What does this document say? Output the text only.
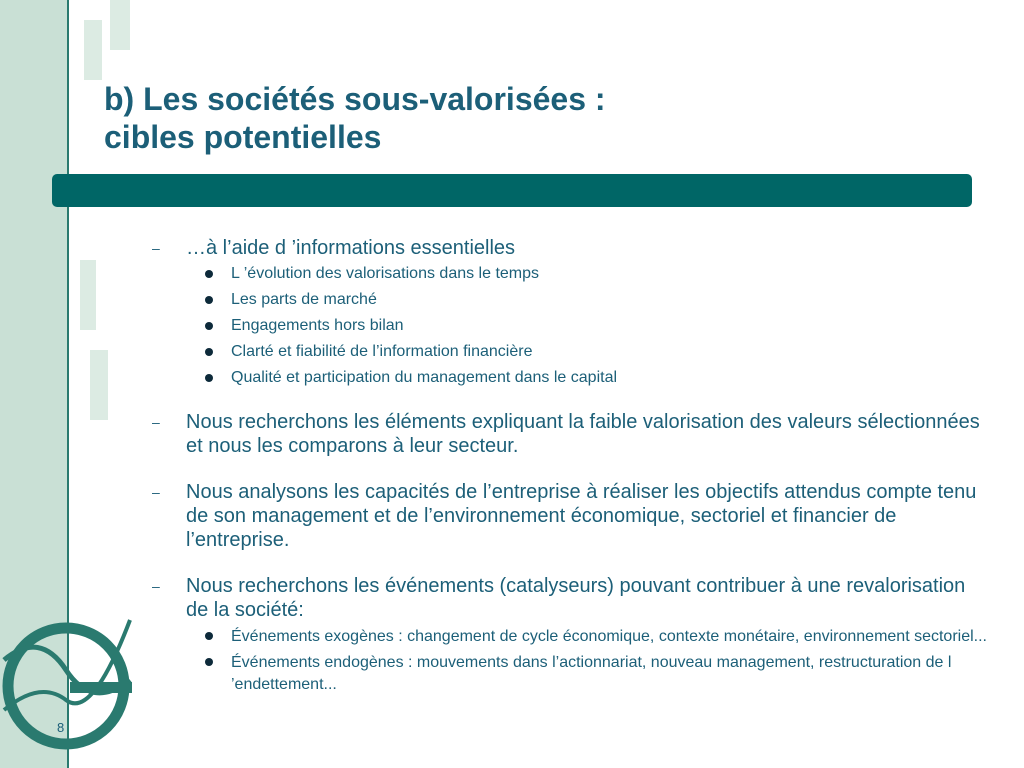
8
b) Les sociétés sous-valorisées :
cibles potentielles
–	…à l’aide d ’informations essentielles
L ’évolution des valorisations dans le temps
Les parts de marché
Engagements hors bilan
Clarté et fiabilité de l’information financière
Qualité et participation du management dans le capital
–	Nous recherchons les éléments expliquant la faible valorisation des valeurs sélectionnées et nous les comparons à leur secteur.
–	Nous analysons les capacités de l’entreprise à réaliser les objectifs attendus compte tenu de son management et de l’environnement économique, sectoriel et financier de l’entreprise.
–	Nous recherchons les événements (catalyseurs) pouvant contribuer à une revalorisation de la société:
Événements exogènes : changement de cycle économique, contexte monétaire, environnement sectoriel...
Événements endogènes : mouvements dans l’actionnariat, nouveau management, restructuration de l ’endettement...
